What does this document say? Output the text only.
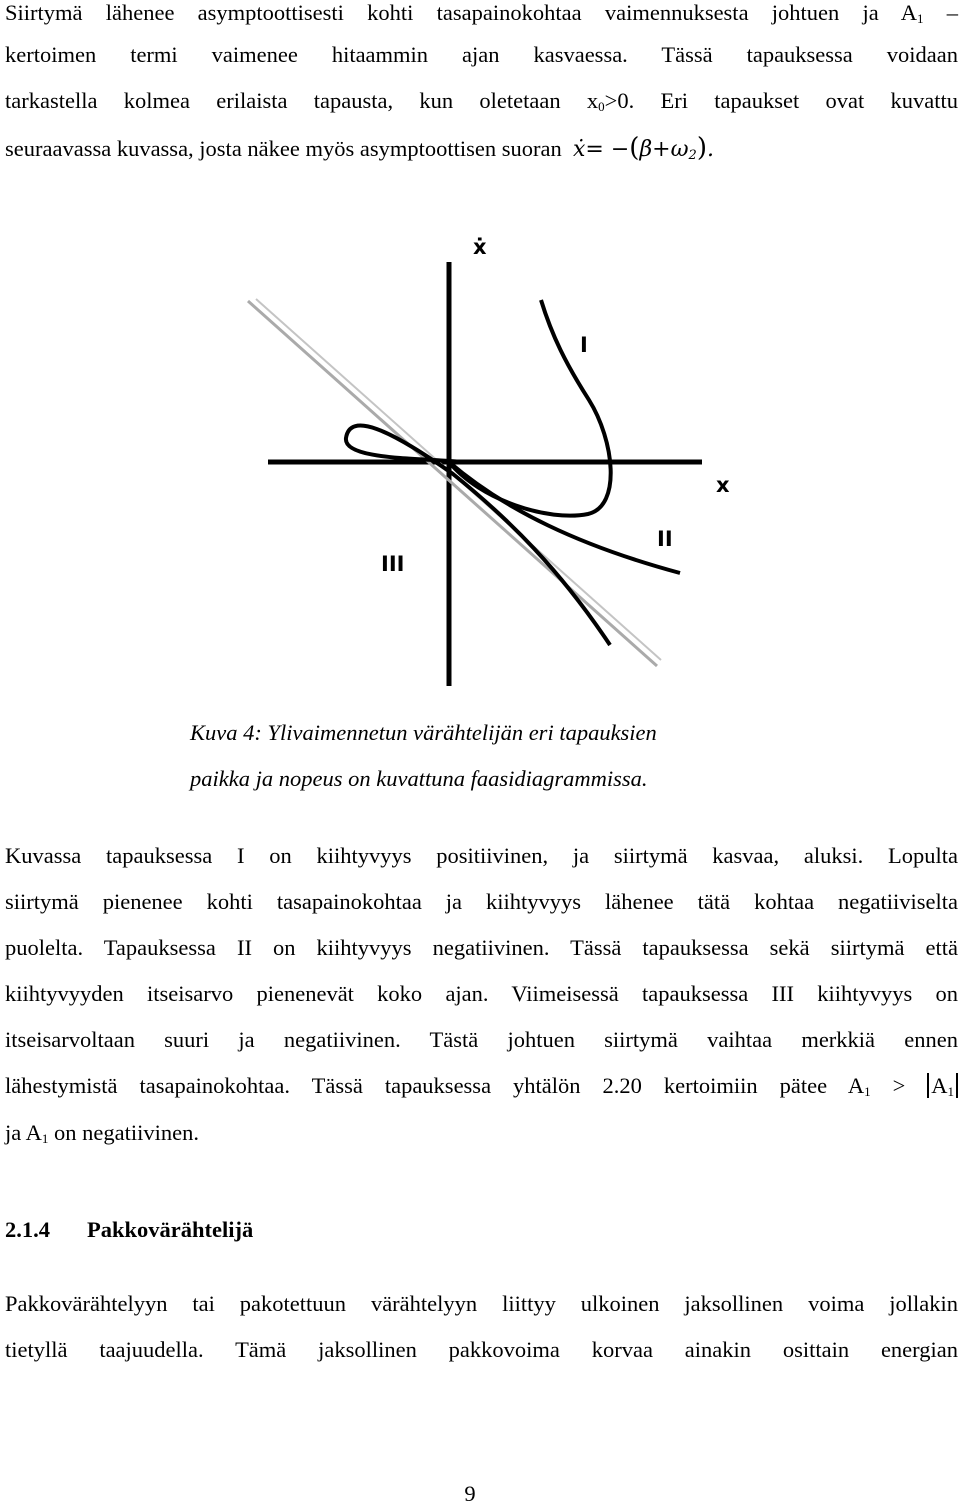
Siirtymä lähenee asymptoottisesti kohti tasapainokohtaa vaimennuksesta johtuen ja $A_1$ –
kertoimen termi vaimenee hitaammin ajan kasvaessa. Tässä tapauksessa voidaan
tarkastella kolmea erilaista tapausta, kun oletetaan $x_0>0$. Eri tapaukset ovat kuvattu
seuraavassa kuvassa, josta näkee myös asymptoottisen suoran ẋ= $-(\beta+\omega_2)$.
ẋ
x
I
II
III
Kuva 4: Ylivaimennetun värähtelijän eri tapauksien
paikka ja nopeus on kuvattuna faasidiagrammissa.
Kuvassa tapauksessa I on kiihtyvyys positiivinen, ja siirtymä kasvaa, aluksi. Lopulta
siirtymä pienenee kohti tasapainokohtaa ja kiihtyvyys lähenee tätä kohtaa negatiiviselta
puolelta. Tapauksessa II on kiihtyvyys negatiivinen. Tässä tapauksessa sekä siirtymä että
kiihtyvyyden itseisarvo pienenevät koko ajan. Viimeisessä tapauksessa III kiihtyvyys on
itseisarvoltaan suuri ja negatiivinen. Tästä johtuen siirtymä vaihtaa merkkiä ennen
lähestymistä tasapainokohtaa. Tässä tapauksessa yhtälön 2.20 kertoimiin pätee $A_1 > A_1$
ja $A_1$ on negatiivinen.
2.1.4 Pakkovärähtelijä
Pakkovärähtelyyn tai pakotettuun värähtelyyn liittyy ulkoinen jaksollinen voima jollakin
tietyllä taajuudella. Tämä jaksollinen pakkovoima korvaa ainakin osittain energian
9
